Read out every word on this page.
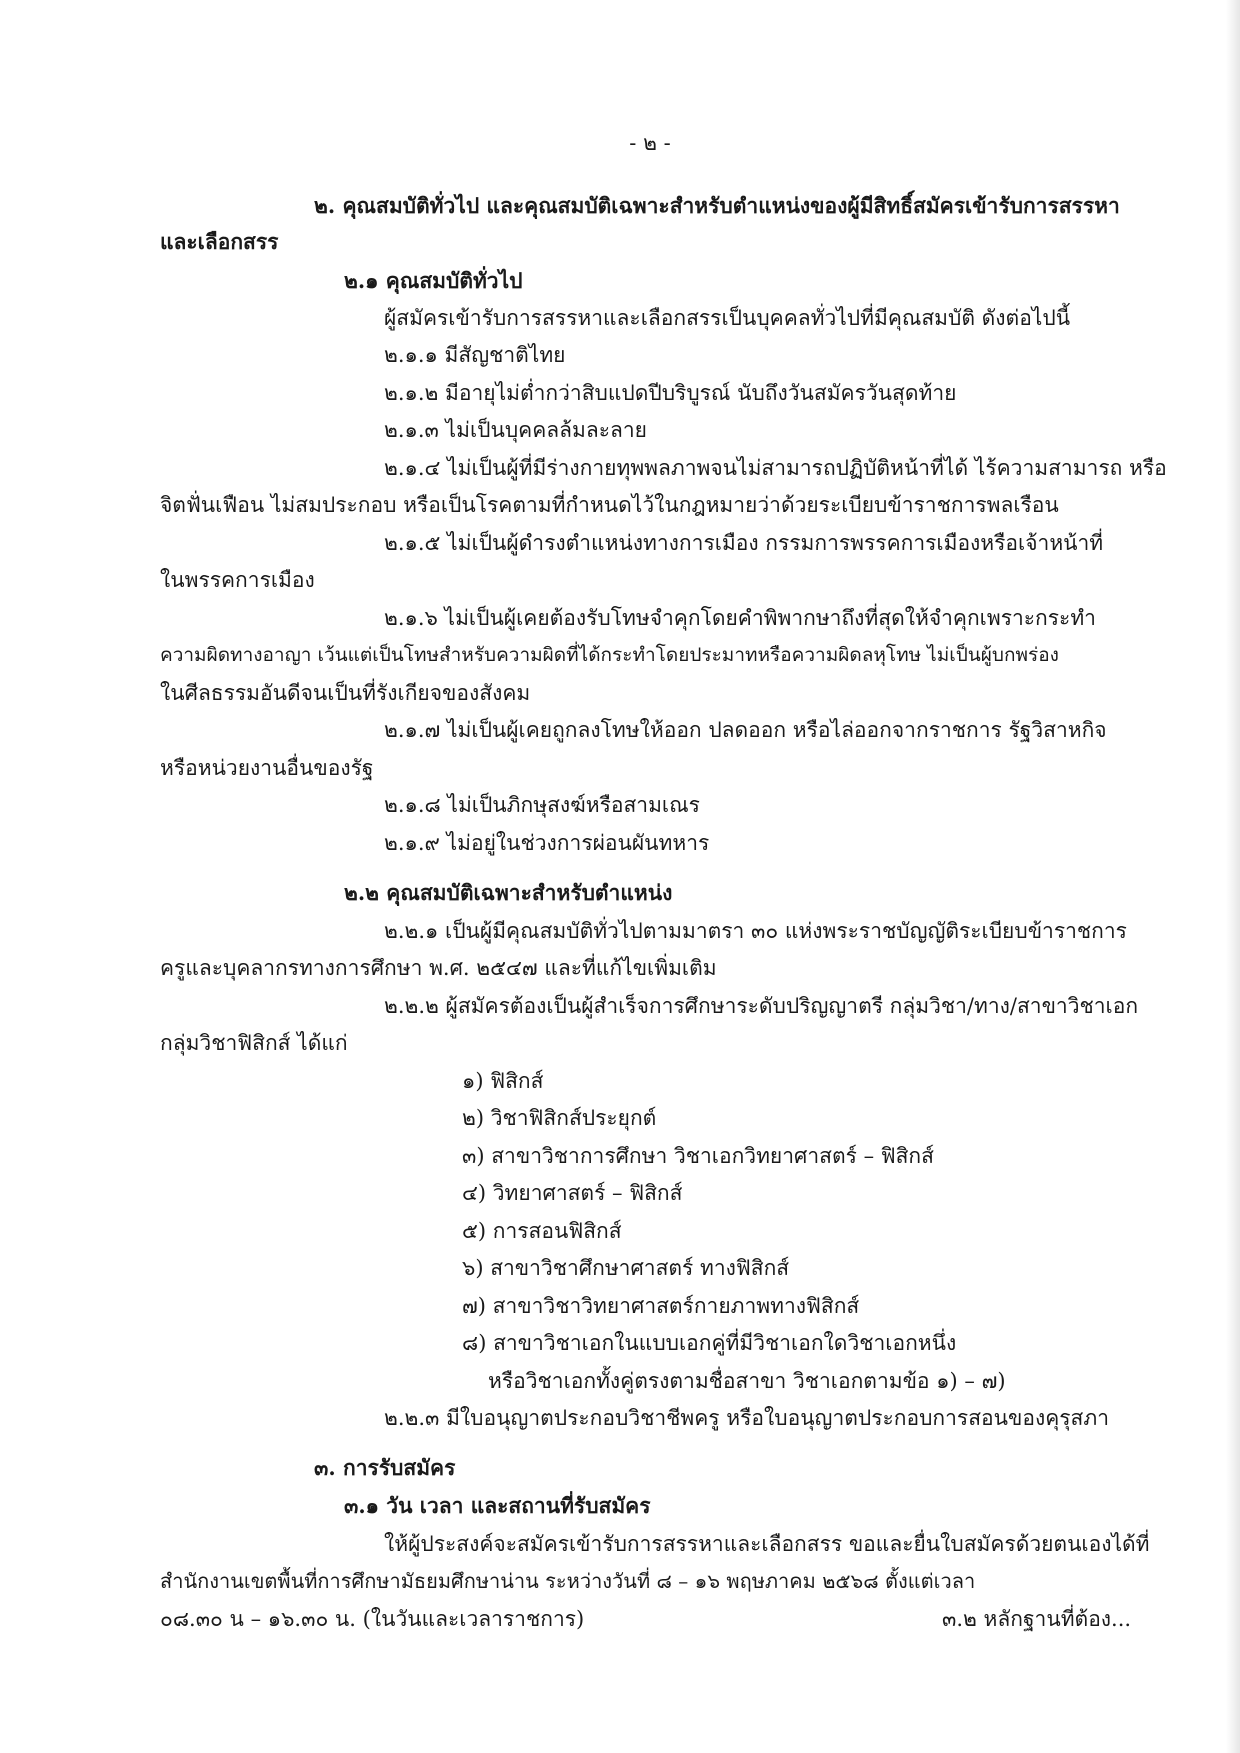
- ๒ -
๒. คุณสมบัติทั่วไป และคุณสมบัติเฉพาะสำหรับตำแหน่งของผู้มีสิทธิ์สมัครเข้ารับการสรรหา
และเลือกสรร
๒.๑ คุณสมบัติทั่วไป
ผู้สมัครเข้ารับการสรรหาและเลือกสรรเป็นบุคคลทั่วไปที่มีคุณสมบัติ ดังต่อไปนี้
๒.๑.๑ มีสัญชาติไทย
๒.๑.๒ มีอายุไม่ต่ำกว่าสิบแปดปีบริบูรณ์ นับถึงวันสมัครวันสุดท้าย
๒.๑.๓ ไม่เป็นบุคคลล้มละลาย
๒.๑.๔ ไม่เป็นผู้ที่มีร่างกายทุพพลภาพจนไม่สามารถปฏิบัติหน้าที่ได้ ไร้ความสามารถ หรือ
จิตฟั่นเฟือน ไม่สมประกอบ หรือเป็นโรคตามที่กำหนดไว้ในกฎหมายว่าด้วยระเบียบข้าราชการพลเรือน
๒.๑.๕ ไม่เป็นผู้ดำรงตำแหน่งทางการเมือง กรรมการพรรคการเมืองหรือเจ้าหน้าที่
ในพรรคการเมือง
๒.๑.๖ ไม่เป็นผู้เคยต้องรับโทษจำคุกโดยคำพิพากษาถึงที่สุดให้จำคุกเพราะกระทำ
ความผิดทางอาญา เว้นแต่เป็นโทษสำหรับความผิดที่ได้กระทำโดยประมาทหรือความผิดลหุโทษ ไม่เป็นผู้บกพร่อง
ในศีลธรรมอันดีจนเป็นที่รังเกียจของสังคม
๒.๑.๗ ไม่เป็นผู้เคยถูกลงโทษให้ออก ปลดออก หรือไล่ออกจากราชการ รัฐวิสาหกิจ
หรือหน่วยงานอื่นของรัฐ
๒.๑.๘ ไม่เป็นภิกษุสงฆ์หรือสามเณร
๒.๑.๙ ไม่อยู่ในช่วงการผ่อนผันทหาร
๒.๒ คุณสมบัติเฉพาะสำหรับตำแหน่ง
๒.๒.๑ เป็นผู้มีคุณสมบัติทั่วไปตามมาตรา ๓๐ แห่งพระราชบัญญัติระเบียบข้าราชการ
ครูและบุคลากรทางการศึกษา พ.ศ. ๒๕๔๗ และที่แก้ไขเพิ่มเติม
๒.๒.๒ ผู้สมัครต้องเป็นผู้สำเร็จการศึกษาระดับปริญญาตรี กลุ่มวิชา/ทาง/สาขาวิชาเอก
กลุ่มวิชาฟิสิกส์ ได้แก่
๑) ฟิสิกส์
๒) วิชาฟิสิกส์ประยุกต์
๓) สาขาวิชาการศึกษา วิชาเอกวิทยาศาสตร์ – ฟิสิกส์
๔) วิทยาศาสตร์ – ฟิสิกส์
๕) การสอนฟิสิกส์
๖) สาขาวิชาศึกษาศาสตร์ ทางฟิสิกส์
๗) สาขาวิชาวิทยาศาสตร์กายภาพทางฟิสิกส์
๘) สาขาวิชาเอกในแบบเอกคู่ที่มีวิชาเอกใดวิชาเอกหนึ่ง
หรือวิชาเอกทั้งคู่ตรงตามชื่อสาขา วิชาเอกตามข้อ ๑) – ๗)
๒.๒.๓ มีใบอนุญาตประกอบวิชาชีพครู หรือใบอนุญาตประกอบการสอนของคุรุสภา
๓. การรับสมัคร
๓.๑ วัน เวลา และสถานที่รับสมัคร
ให้ผู้ประสงค์จะสมัครเข้ารับการสรรหาและเลือกสรร ขอและยื่นใบสมัครด้วยตนเองได้ที่
สำนักงานเขตพื้นที่การศึกษามัธยมศึกษาน่าน ระหว่างวันที่ ๘ – ๑๖ พฤษภาคม ๒๕๖๘ ตั้งแต่เวลา
๐๘.๓๐ น – ๑๖.๓๐ น. (ในวันและเวลาราชการ)	๓.๒ หลักฐานที่ต้อง...
